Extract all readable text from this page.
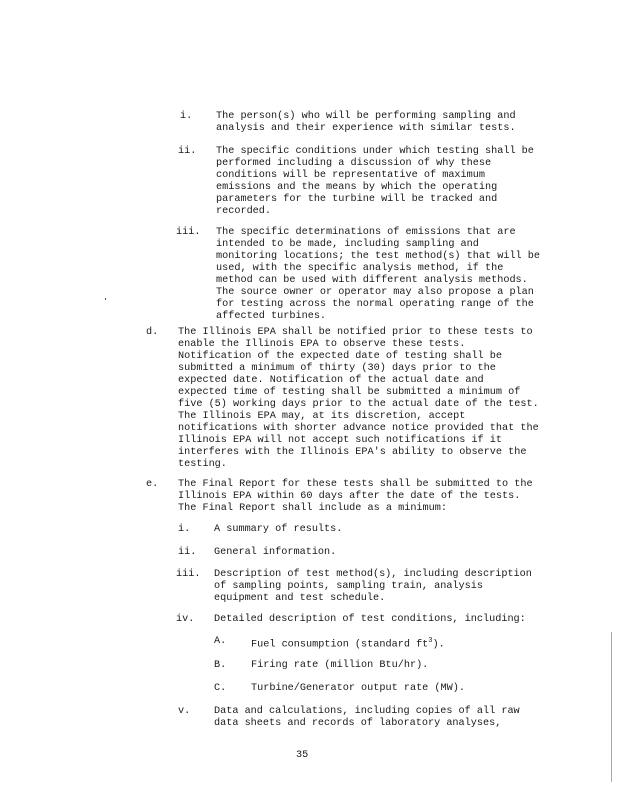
i. The person(s) who will be performing sampling and
analysis and their experience with similar tests.
ii. The specific conditions under which testing shall be
performed including a discussion of why these
conditions will be representative of maximum
emissions and the means by which the operating
parameters for the turbine will be tracked and
recorded.
iii. The specific determinations of emissions that are
intended to be made, including sampling and
monitoring locations; the test method(s) that will be
used, with the specific analysis method, if the
method can be used with different analysis methods.
The source owner or operator may also propose a plan
for testing across the normal operating range of the
affected turbines.
d. The Illinois EPA shall be notified prior to these tests to
enable the Illinois EPA to observe these tests.
Notification of the expected date of testing shall be
submitted a minimum of thirty (30) days prior to the
expected date. Notification of the actual date and
expected time of testing shall be submitted a minimum of
five (5) working days prior to the actual date of the test.
The Illinois EPA may, at its discretion, accept
notifications with shorter advance notice provided that the
Illinois EPA will not accept such notifications if it
interferes with the Illinois EPA's ability to observe the
testing.
e. The Final Report for these tests shall be submitted to the
Illinois EPA within 60 days after the date of the tests.
The Final Report shall include as a minimum:
i. A summary of results.
ii. General information.
iii. Description of test method(s), including description
of sampling points, sampling train, analysis
equipment and test schedule.
iv. Detailed description of test conditions, including:
A. Fuel consumption (standard $ft^3$).
B. Firing rate (million Btu/hr).
C. Turbine/Generator output rate (MW).
v. Data and calculations, including copies of all raw
data sheets and records of laboratory analyses,
35
